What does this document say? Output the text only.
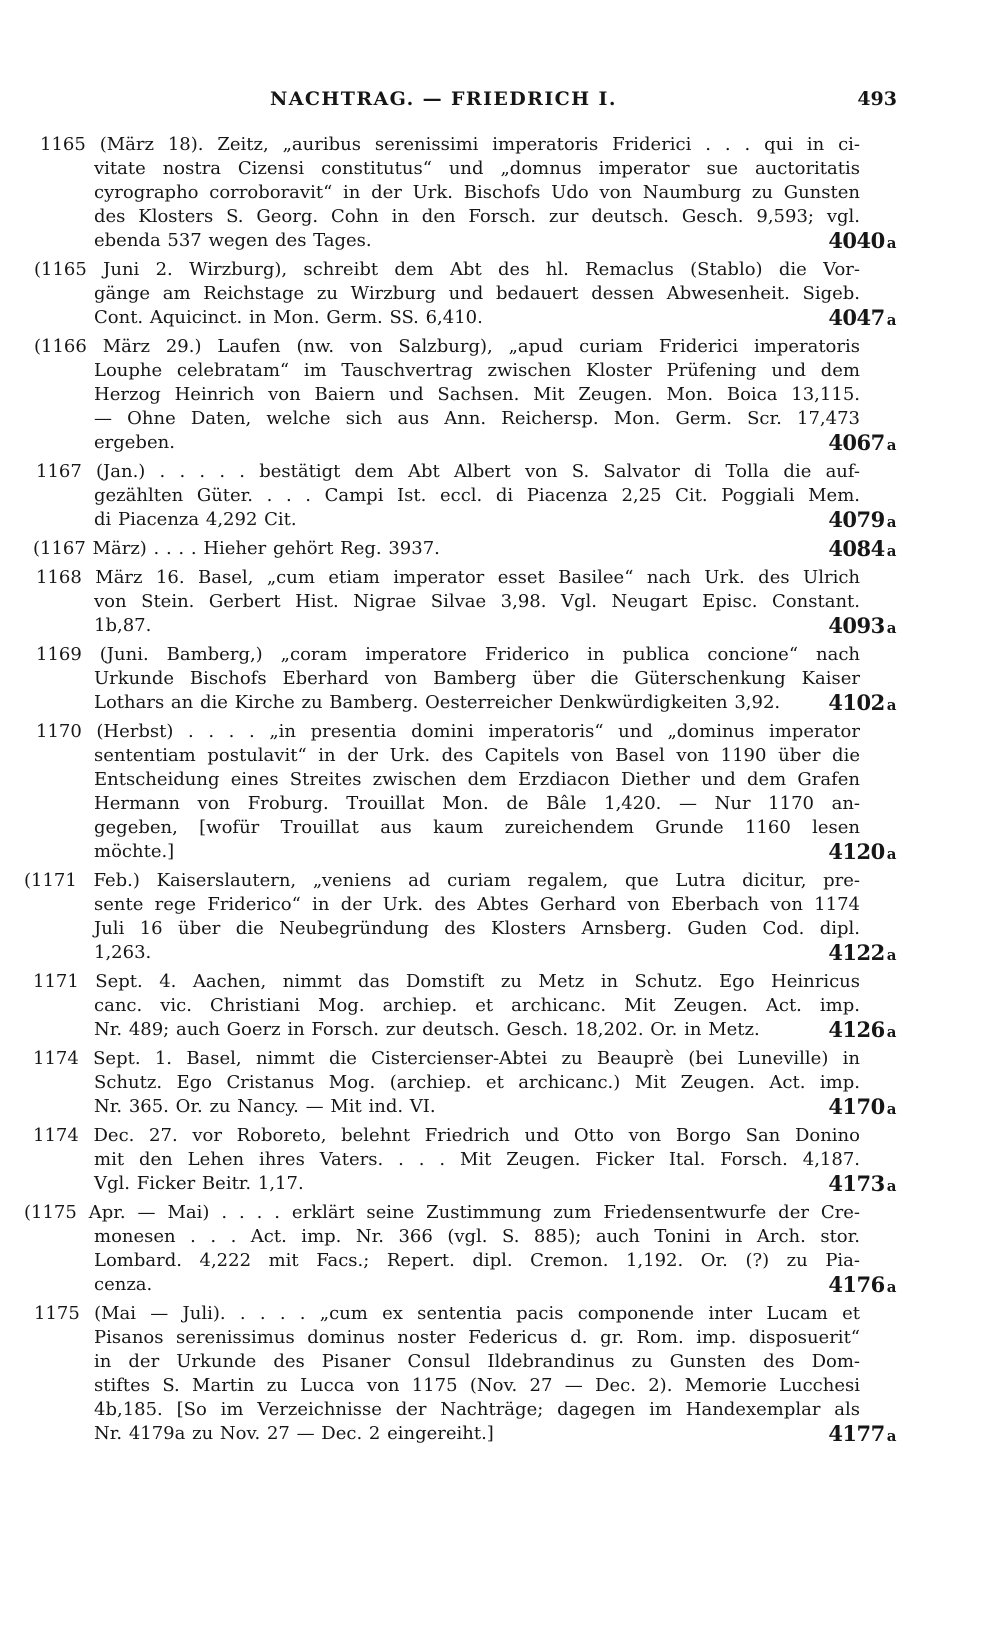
NACHTRAG. — FRIEDRICH I.	493
1165 (März 18). Zeitz, „auribus serenissimi imperatoris Friderici . . . qui in ci-
vitate nostra Cizensi constitutus“ und „domnus imperator sue auctoritatis
cyrographo corroboravit“ in der Urk. Bischofs Udo von Naumburg zu Gunsten
des Klosters S. Georg. Cohn in den Forsch. zur deutsch. Gesch. 9,593; vgl.
ebenda 537 wegen des Tages.	4040 a
(1165 Juni 2. Wirzburg), schreibt dem Abt des hl. Remaclus (Stablo) die Vor-
gänge am Reichstage zu Wirzburg und bedauert dessen Abwesenheit. Sigeb.
Cont. Aquicinct. in Mon. Germ. SS. 6,410.	4047 a
(1166 März 29.) Laufen (nw. von Salzburg), „apud curiam Friderici imperatoris
Louphe celebratam“ im Tauschvertrag zwischen Kloster Prüfening und dem
Herzog Heinrich von Baiern und Sachsen. Mit Zeugen. Mon. Boica 13,115.
— Ohne Daten, welche sich aus Ann. Reichersp. Mon. Germ. Scr. 17,473
ergeben.	4067 a
1167 (Jan.) . . . . . bestätigt dem Abt Albert von S. Salvator di Tolla die auf-
gezählten Güter. . . . Campi Ist. eccl. di Piacenza 2,25 Cit. Poggiali Mem.
di Piacenza 4,292 Cit.	4079 a
(1167 März) . . . . Hieher gehört Reg. 3937.	4084 a
1168 März 16. Basel, „cum etiam imperator esset Basilee“ nach Urk. des Ulrich
von Stein. Gerbert Hist. Nigrae Silvae 3,98. Vgl. Neugart Episc. Constant.
1b,87.	4093 a
1169 (Juni. Bamberg,) „coram imperatore Friderico in publica concione“ nach
Urkunde Bischofs Eberhard von Bamberg über die Güterschenkung Kaiser
Lothars an die Kirche zu Bamberg. Oesterreicher Denkwürdigkeiten 3,92. 4102 a
1170 (Herbst) . . . . „in presentia domini imperatoris“ und „dominus imperator
sententiam postulavit“ in der Urk. des Capitels von Basel von 1190 über die
Entscheidung eines Streites zwischen dem Erzdiacon Diether und dem Grafen
Hermann von Froburg. Trouillat Mon. de Bâle 1,420. — Nur 1170 an-
gegeben, [wofür Trouillat aus kaum zureichendem Grunde 1160 lesen
möchte.]	4120 a
(1171 Feb.) Kaiserslautern, „veniens ad curiam regalem, que Lutra dicitur, pre-
sente rege Friderico“ in der Urk. des Abtes Gerhard von Eberbach von 1174
Juli 16 über die Neubegründung des Klosters Arnsberg. Guden Cod. dipl.
1,263.	4122 a
1171 Sept. 4. Aachen, nimmt das Domstift zu Metz in Schutz. Ego Heinricus
canc. vic. Christiani Mog. archiep. et archicanc. Mit Zeugen. Act. imp.
Nr. 489; auch Goerz in Forsch. zur deutsch. Gesch. 18,202. Or. in Metz.	4126 a
1174 Sept. 1. Basel, nimmt die Cistercienser-Abtei zu Beauprè (bei Luneville) in
Schutz. Ego Cristanus Mog. (archiep. et archicanc.) Mit Zeugen. Act. imp.
Nr. 365. Or. zu Nancy. — Mit ind. VI.	4170 a
1174 Dec. 27. vor Roboreto, belehnt Friedrich und Otto von Borgo San Donino
mit den Lehen ihres Vaters. . . . Mit Zeugen. Ficker Ital. Forsch. 4,187.
Vgl. Ficker Beitr. 1,17.	4173 a
(1175 Apr. — Mai) . . . . erklärt seine Zustimmung zum Friedensentwurfe der Cre-
monesen . . . Act. imp. Nr. 366 (vgl. S. 885); auch Tonini in Arch. stor.
Lombard. 4,222 mit Facs.; Repert. dipl. Cremon. 1,192. Or. (?) zu Pia-
cenza.	4176 a
1175 (Mai — Juli). . . . . „cum ex sententia pacis componende inter Lucam et
Pisanos serenissimus dominus noster Federicus d. gr. Rom. imp. disposuerit“
in der Urkunde des Pisaner Consul Ildebrandinus zu Gunsten des Dom-
stiftes S. Martin zu Lucca von 1175 (Nov. 27 — Dec. 2). Memorie Lucchesi
4b,185. [So im Verzeichnisse der Nachträge; dagegen im Handexemplar als
Nr. 4179a zu Nov. 27 — Dec. 2 eingereiht.]	4177 a
